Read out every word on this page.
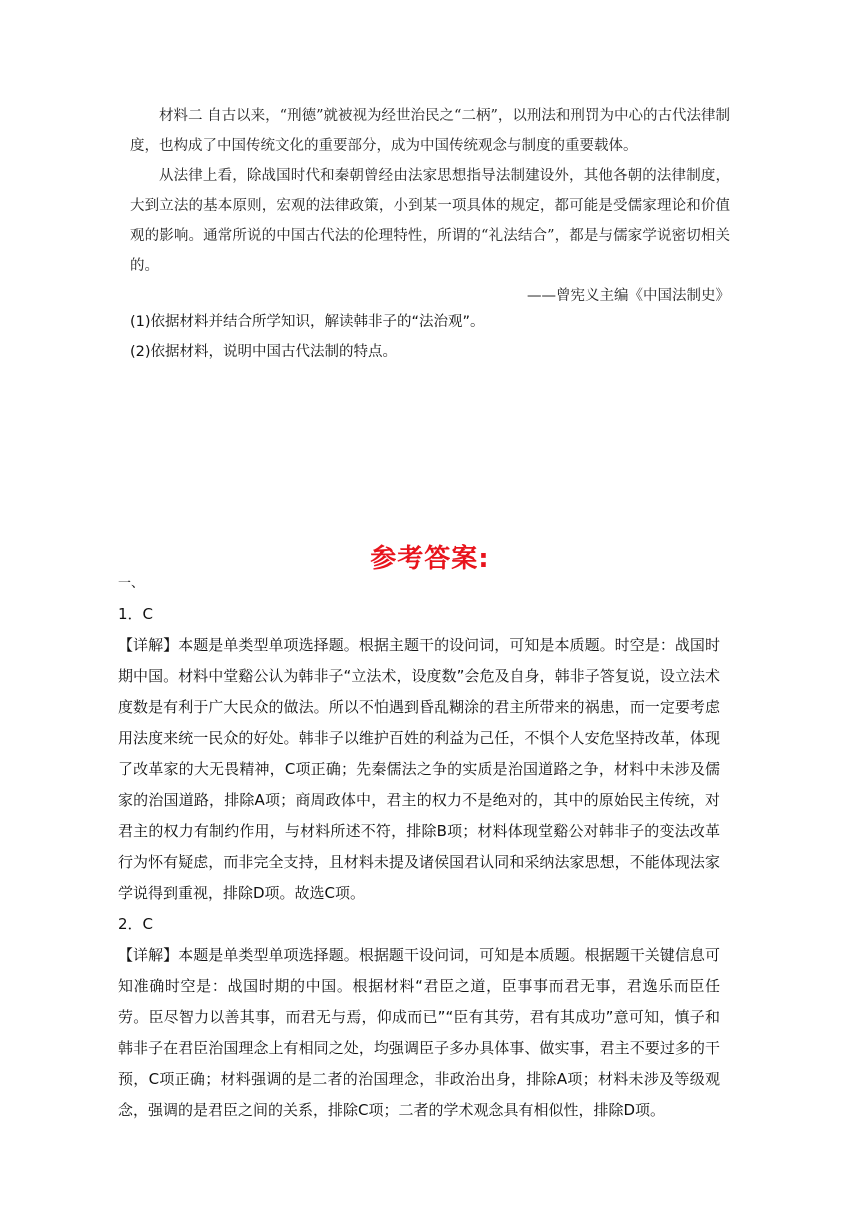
材料二 自古以来，“刑德”就被视为经世治民之“二柄”，以刑法和刑罚为中心的古代法律制度，也构成了中国传统文化的重要部分，成为中国传统观念与制度的重要载体。

从法律上看，除战国时代和秦朝曾经由法家思想指导法制建设外，其他各朝的法律制度，大到立法的基本原则，宏观的法律政策，小到某一项具体的规定，都可能是受儒家理论和价值观的影响。通常所说的中国古代法的伦理特性，所谓的“礼法结合”，都是与儒家学说密切相关的。

——曾宪义主编《中国法制史》

(1)依据材料并结合所学知识，解读韩非子的“法治观”。

(2)依据材料，说明中国古代法制的特点。

参考答案:

一、

1．C

【详解】本题是单类型单项选择题。根据主题干的设问词，可知是本质题。时空是：战国时期中国。材料中堂谿公认为韩非子“立法术，设度数”会危及自身，韩非子答复说，设立法术度数是有利于广大民众的做法。所以不怕遇到昏乱糊涂的君主所带来的祸患，而一定要考虑用法度来统一民众的好处。韩非子以维护百姓的利益为己任，不惧个人安危坚持改革，体现了改革家的大无畏精神，C项正确；先秦儒法之争的实质是治国道路之争，材料中未涉及儒家的治国道路，排除A项；商周政体中，君主的权力不是绝对的，其中的原始民主传统，对君主的权力有制约作用，与材料所述不符，排除B项；材料体现堂谿公对韩非子的变法改革行为怀有疑虑，而非完全支持，且材料未提及诸侯国君认同和采纳法家思想，不能体现法家学说得到重视，排除D项。故选C项。

2．C

【详解】本题是单类型单项选择题。根据题干设问词，可知是本质题。根据题干关键信息可知准确时空是：战国时期的中国。根据材料“君臣之道，臣事事而君无事，君逸乐而臣任劳。臣尽智力以善其事，而君无与焉，仰成而已”“臣有其劳，君有其成功”意可知，慎子和韩非子在君臣治国理念上有相同之处，均强调臣子多办具体事、做实事，君主不要过多的干预，C项正确；材料强调的是二者的治国理念，非政治出身，排除A项；材料未涉及等级观念，强调的是君臣之间的关系，排除C项；二者的学术观念具有相似性，排除D项。
